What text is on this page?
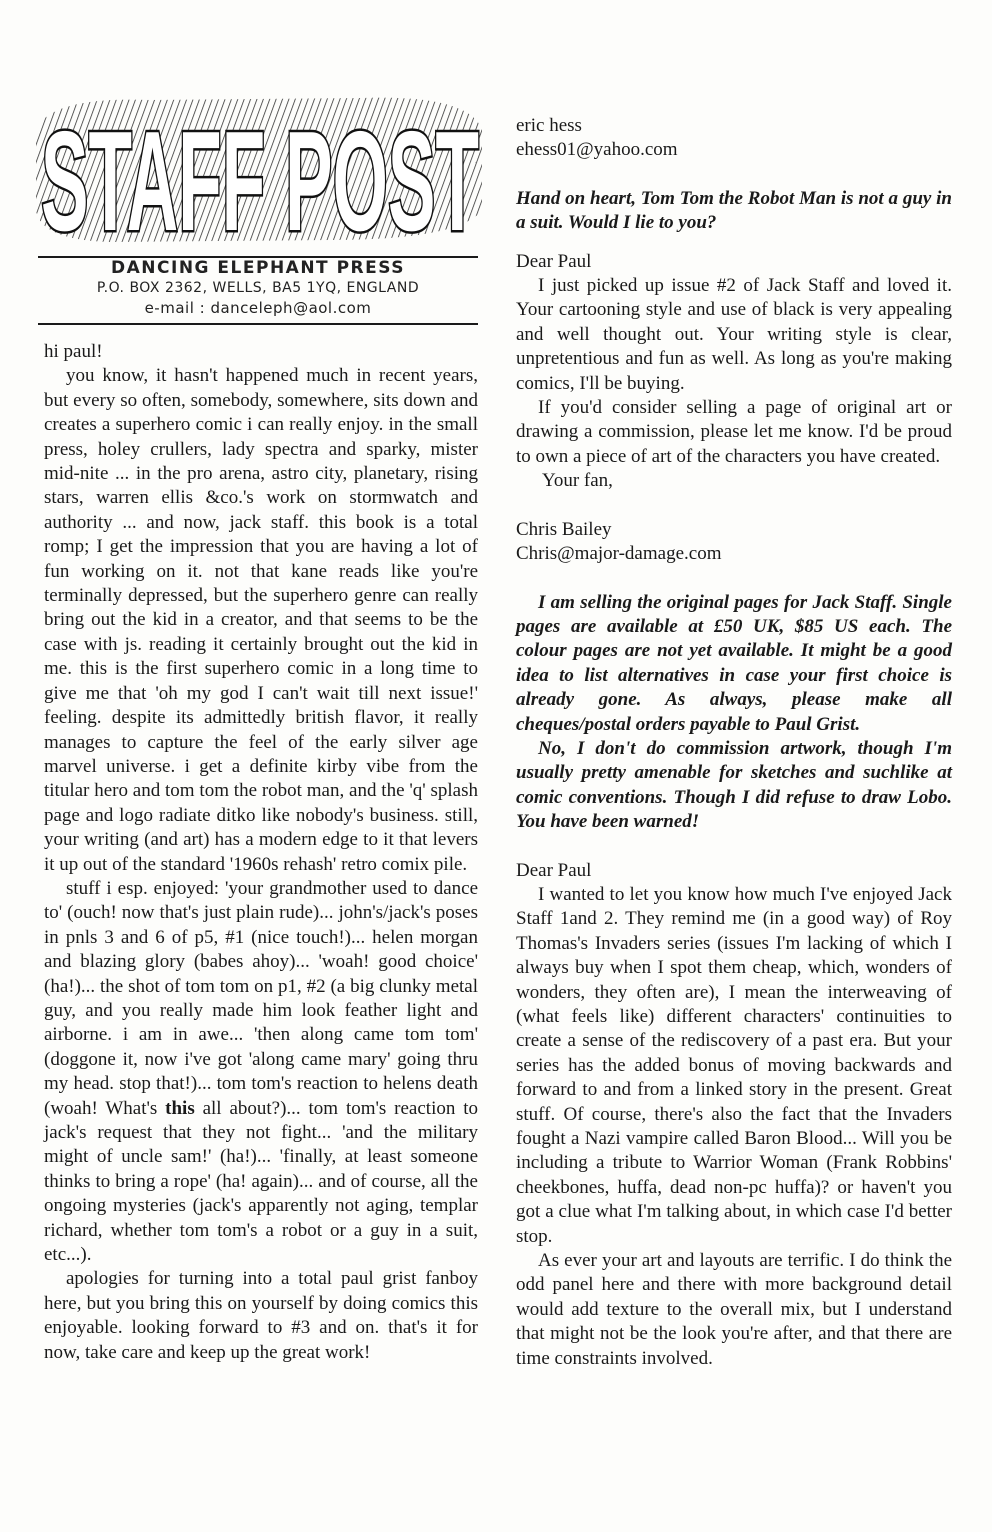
STAFF POST
DANCING ELEPHANT PRESS
P.O. BOX 2362, WELLS, BA5 1YQ, ENGLAND
e-mail : danceleph@aol.com

hi paul!

you know, it hasn't happened much in recent years, but every so often, somebody, somewhere, sits down and creates a superhero comic i can really enjoy. in the small press, holey crullers, lady spectra and sparky, mister mid-nite ... in the pro arena, astro city, planetary, rising stars, warren ellis &co.'s work on stormwatch and authority ... and now, jack staff. this book is a total romp; I get the impression that you are having a lot of fun working on it. not that kane reads like you're terminally depressed, but the superhero genre can really bring out the kid in a creator, and that seems to be the case with js. reading it certainly brought out the kid in me. this is the first superhero comic in a long time to give me that 'oh my god I can't wait till next issue!' feeling. despite its admittedly british flavor, it really manages to capture the feel of the early silver age marvel universe. i get a definite kirby vibe from the titular hero and tom tom the robot man, and the 'q' splash page and logo radiate ditko like nobody's business. still, your writing (and art) has a modern edge to it that levers it up out of the standard '1960s rehash' retro comix pile.

stuff i esp. enjoyed: 'your grandmother used to dance to' (ouch! now that's just plain rude)... john's/jack's poses in pnls 3 and 6 of p5, #1 (nice touch!)... helen morgan and blazing glory (babes ahoy)... 'woah! good choice' (ha!)... the shot of tom tom on p1, #2 (a big clunky metal guy, and you really made him look feather light and airborne. i am in awe... 'then along came tom tom' (doggone it, now i've got 'along came mary' going thru my head. stop that!)... tom tom's reaction to helens death (woah! What's this all about?)... tom tom's reaction to jack's request that they not fight... 'and the military might of uncle sam!' (ha!)... 'finally, at least someone thinks to bring a rope' (ha! again)... and of course, all the ongoing mysteries (jack's apparently not aging, templar richard, whether tom tom's a robot or a guy in a suit, etc...).

apologies for turning into a total paul grist fanboy here, but you bring this on yourself by doing comics this enjoyable. looking forward to #3 and on. that's it for now, take care and keep up the great work!

eric hess

ehess01@yahoo.com

Hand on heart, Tom Tom the Robot Man is not a guy in a suit. Would I lie to you?

Dear Paul

I just picked up issue #2 of Jack Staff and loved it. Your cartooning style and use of black is very appealing and well thought out. Your writing style is clear, unpretentious and fun as well. As long as you're making comics, I'll be buying.

If you'd consider selling a page of original art or drawing a commission, please let me know. I'd be proud to own a piece of art of the characters you have created.

Your fan,

Chris Bailey

Chris@major-damage.com

I am selling the original pages for Jack Staff. Single pages are available at £50 UK, $85 US each. The colour pages are not yet available. It might be a good idea to list alternatives in case your first choice is already gone. As always, please make all cheques/postal orders payable to Paul Grist.

No, I don't do commission artwork, though I'm usually pretty amenable for sketches and suchlike at comic conventions. Though I did refuse to draw Lobo. You have been warned!

Dear Paul

I wanted to let you know how much I've enjoyed Jack Staff 1and 2. They remind me (in a good way) of Roy Thomas's Invaders series (issues I'm lacking of which I always buy when I spot them cheap, which, wonders of wonders, they often are), I mean the interweaving of (what feels like) different characters' continuities to create a sense of the rediscovery of a past era. But your series has the added bonus of moving backwards and forward to and from a linked story in the present. Great stuff. Of course, there's also the fact that the Invaders fought a Nazi vampire called Baron Blood... Will you be including a tribute to Warrior Woman (Frank Robbins' cheekbones, huffa, dead non-pc huffa)? or haven't you got a clue what I'm talking about, in which case I'd better stop.

As ever your art and layouts are terrific. I do think the odd panel here and there with more background detail would add texture to the overall mix, but I understand that might not be the look you're after, and that there are time constraints involved.
